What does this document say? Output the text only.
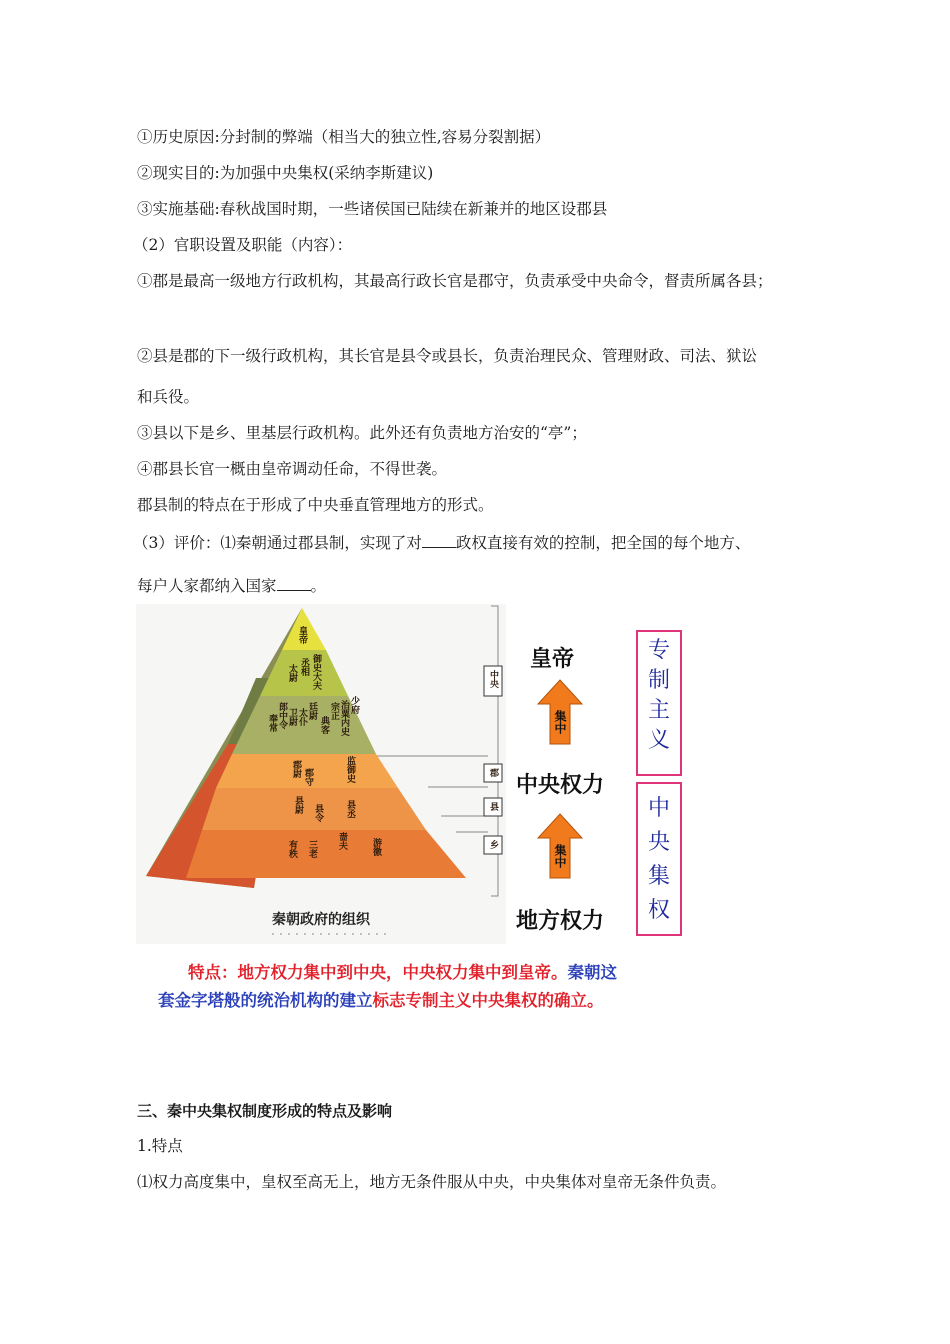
①历史原因:分封制的弊端（相当大的独立性,容易分裂割据）
②现实目的:为加强中央集权(采纳李斯建议)
③实施基础:春秋战国时期，一些诸侯国已陆续在新兼并的地区设郡县
（2）官职设置及职能（内容）：
①郡是最高一级地方行政机构，其最高行政长官是郡守，负责承受中央命令，督责所属各县；
②县是郡的下一级行政机构，其长官是县令或县长，负责治理民众、管理财政、司法、狱讼
和兵役。
③县以下是乡、里基层行政机构。此外还有负责地方治安的“亭”；
④郡县长官一概由皇帝调动任命，不得世袭。
郡县制的特点在于形成了中央垂直管理地方的形式。
（3）评价：⑴秦朝通过郡县制，实现了对 政权直接有效的控制，把全国的每个地方、
每户人家都纳入国家 。
皇帝
太尉 丞相 御史大夫
奉常 郎中令 卫尉 太仆 廷尉
典客
宗正 治粟内史 少府
郡尉 郡守	监御史
县尉 县令 县丞
有秩 三老 啬夫	游徼
中央
郡
县
乡
秦朝政府的组织
皇帝
中央权力
地方权力
集中
集中
专制主义
中央集权
特点：地方权力集中到中央，中央权力集中到皇帝。秦朝这
套金字塔般的统治机构的建立标志专制主义中央集权的确立。
三、秦中央集权制度形成的特点及影响
1.特点
⑴权力高度集中，皇权至高无上，地方无条件服从中央，中央集体对皇帝无条件负责。
